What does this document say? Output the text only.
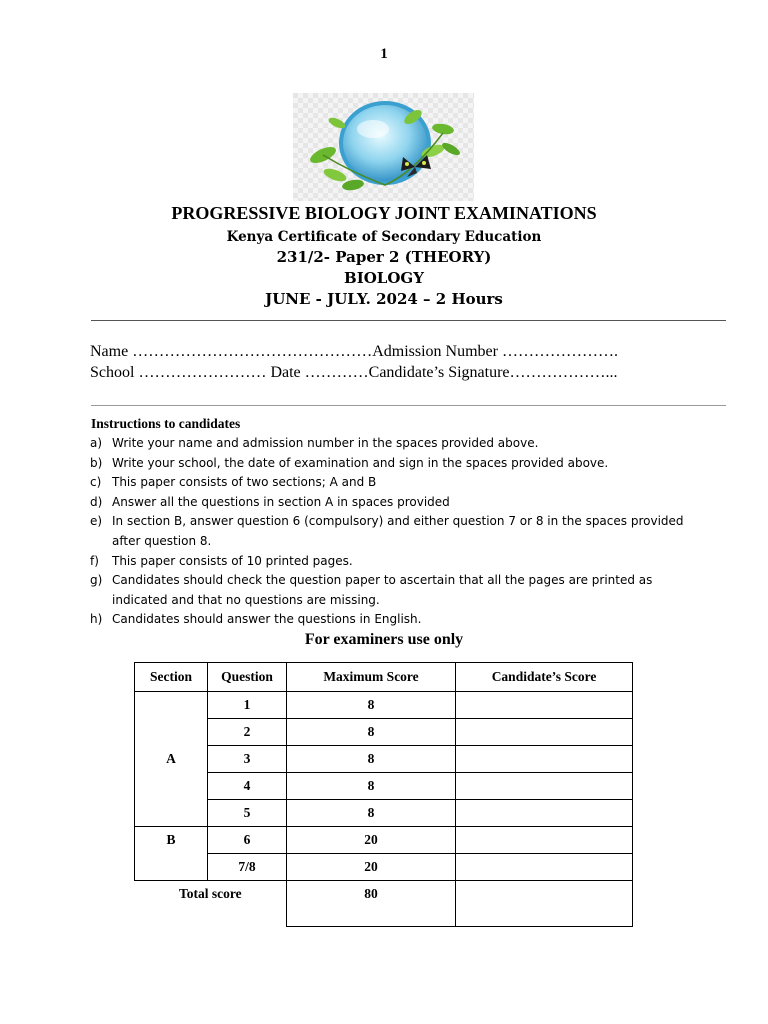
1
PROGRESSIVE BIOLOGY JOINT EXAMINATIONS
Kenya Certificate of Secondary Education
231/2- Paper 2 (THEORY)
BIOLOGY
JUNE - JULY. 2024 – 2 Hours
Name ………………………………………Admission Number ………………….
School …………………… Date …………Candidate’s Signature………………...
Instructions to candidates
a) Write your name and admission number in the spaces provided above.
b) Write your school, the date of examination and sign in the spaces provided above.
c) This paper consists of two sections; A and B
d) Answer all the questions in section A in spaces provided
e) In section B, answer question 6 (compulsory) and either question 7 or 8 in the spaces provided after question 8.
f)	This paper consists of 10 printed pages.
g) Candidates should check the question paper to ascertain that all the pages are printed as indicated and that no questions are missing.
h) Candidates should answer the questions in English.
For examiners use only
Section	Question	Maximum Score	Candidate’s Score
A	1	8	
	2	8	
	3	8	
	4	8	
	5	8	
B	6	20	
	7/8	20	
Total score		80	
